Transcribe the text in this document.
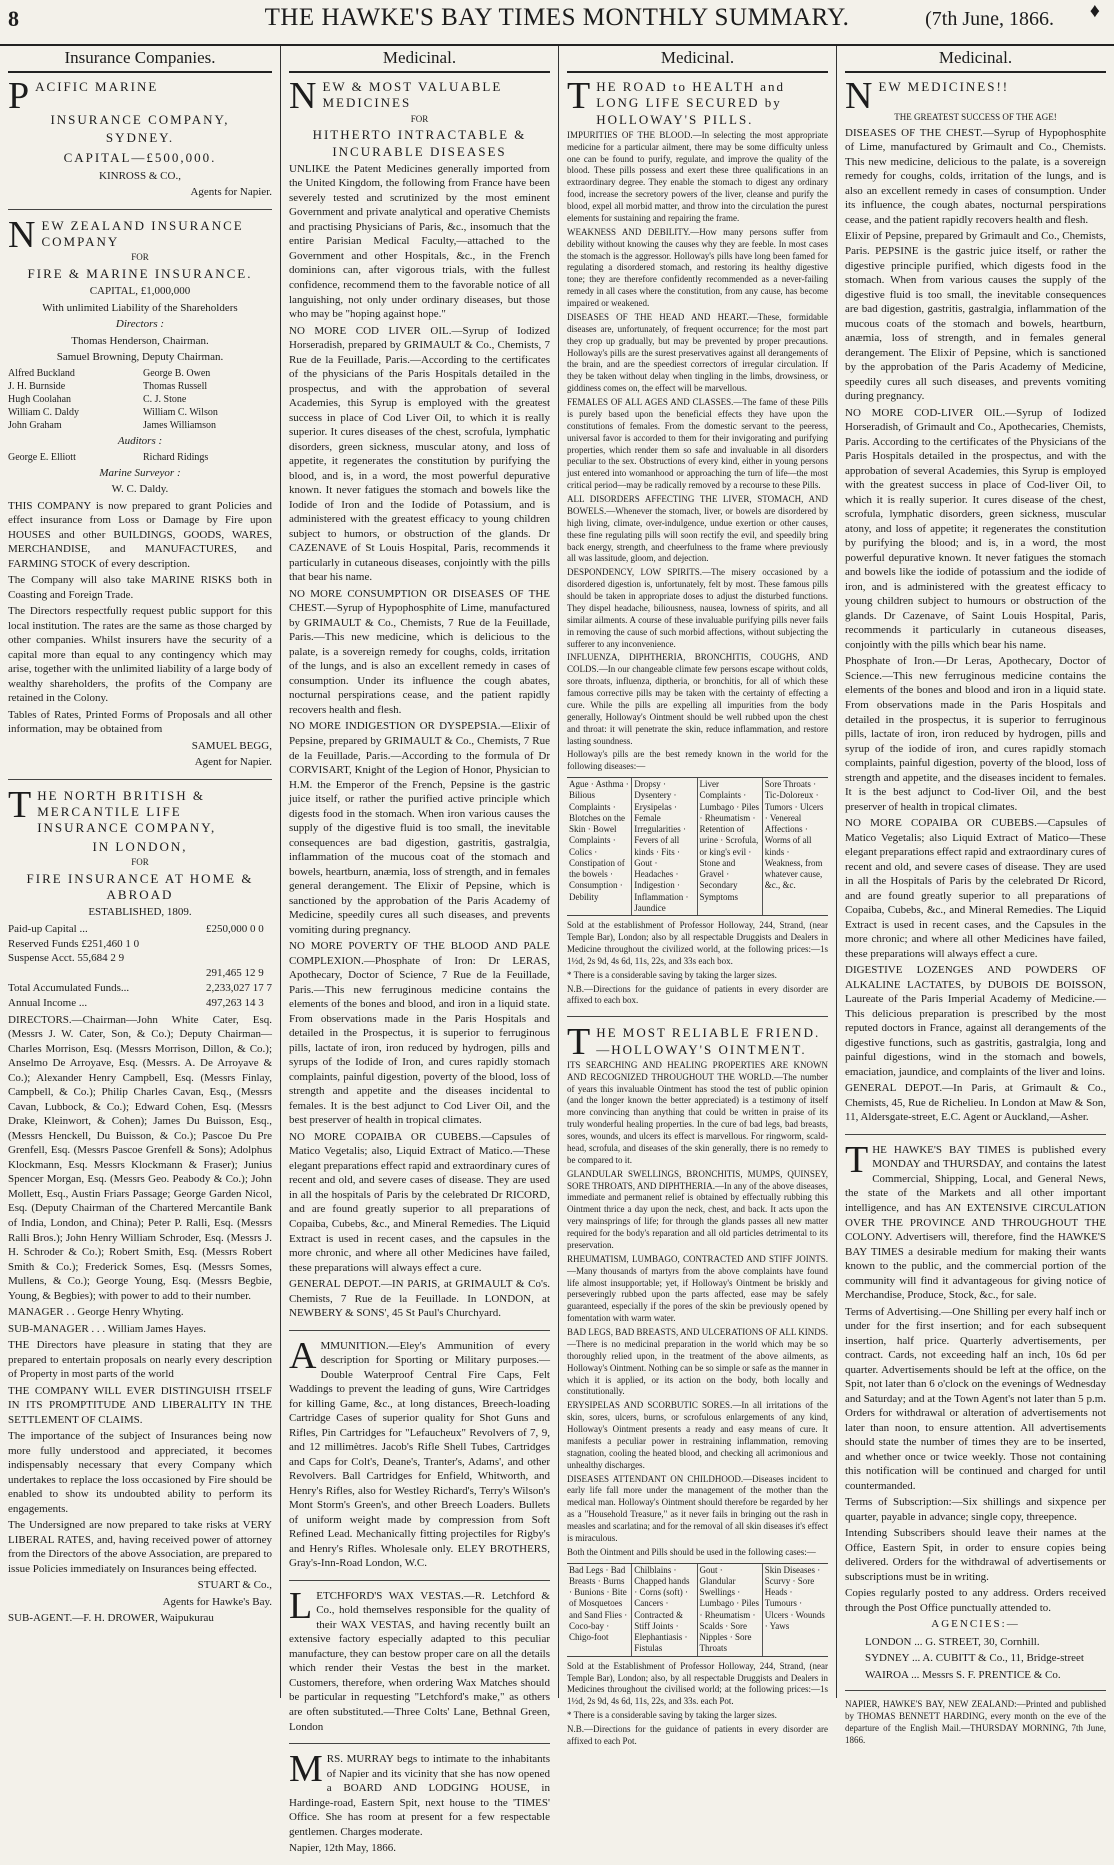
8	THE HAWKE'S BAY TIMES MONTHLY SUMMARY.	(7th June, 1866. ♦
Insurance Companies.
PACIFIC MARINE
INSURANCE COMPANY,
SYDNEY.
CAPITAL—£500,000.

KINROSS & CO.,

Agents for Napier.

NEW ZEALAND INSURANCE COMPANY

FOR

FIRE & MARINE INSURANCE.

CAPITAL, £1,000,000

With unlimited Liability of the Shareholders

Directors :

Thomas Henderson, Chairman.

Samuel Browning, Deputy Chairman.

Alfred Buckland	George B. Owen
J. H. Burnside	Thomas Russell
Hugh Coolahan	C. J. Stone
William C. Daldy	William C. Wilson
John Graham	James Williamson

Auditors :

George E. Elliott	Richard Ridings

Marine Surveyor :

W. C. Daldy.

THIS COMPANY is now prepared to grant Policies and effect insurance from Loss or Damage by Fire upon HOUSES and other BUILDINGS, GOODS, WARES, MERCHANDISE, and MANUFACTURES, and FARMING STOCK of every description.

The Company will also take MARINE RISKS both in Coasting and Foreign Trade.

The Directors respectfully request public support for this local institution. The rates are the same as those charged by other companies. Whilst insurers have the security of a capital more than equal to any contingency which may arise, together with the unlimited liability of a large body of wealthy shareholders, the profits of the Company are retained in the Colony.

Tables of Rates, Printed Forms of Proposals and all other information, may be obtained from

SAMUEL BEGG,

Agent for Napier.

THE NORTH BRITISH & MERCANTILE LIFE INSURANCE COMPANY,
IN LONDON,

FOR

FIRE INSURANCE AT HOME & ABROAD

ESTABLISHED, 1809.

Paid-up Capital ...	£250,000 0 0
Reserved Funds £251,460 1 0
Suspense Acct. 55,684 2 9
291,465 12 9
Total Accumulated Funds...	2,233,027 17 7
Annual Income ...	497,263 14 3

DIRECTORS.—Chairman—John White Cater, Esq. (Messrs J. W. Cater, Son, & Co.); Deputy Chairman—Charles Morrison, Esq. (Messrs Morrison, Dillon, & Co.); Anselmo De Arroyave, Esq. (Messrs. A. De Arroyave & Co.); Alexander Henry Campbell, Esq. (Messrs Finlay, Campbell, & Co.); Philip Charles Cavan, Esq., (Messrs Cavan, Lubbock, & Co.); Edward Cohen, Esq. (Messrs Drake, Kleinwort, & Cohen); James Du Buisson, Esq., (Messrs Henckell, Du Buisson, & Co.); Pascoe Du Pre Grenfell, Esq. (Messrs Pascoe Grenfell & Sons); Adolphus Klockmann, Esq. Messrs Klockmann & Fraser); Junius Spencer Morgan, Esq. (Messrs Geo. Peabody & Co.); John Mollett, Esq., Austin Friars Passage; George Garden Nicol, Esq. (Deputy Chairman of the Chartered Mercantile Bank of India, London, and China); Peter P. Ralli, Esq. (Messrs Ralli Bros.); John Henry William Schroder, Esq. (Messrs J. H. Schroder & Co.); Robert Smith, Esq. (Messrs Robert Smith & Co.); Frederick Somes, Esq. (Messrs Somes, Mullens, & Co.); George Young, Esq. (Messrs Begbie, Young, & Begbies); with power to add to their number.

MANAGER . . George Henry Whyting.

SUB-MANAGER . . . William James Hayes.

THE Directors have pleasure in stating that they are prepared to entertain proposals on nearly every description of Property in most parts of the world

THE COMPANY WILL EVER DISTINGUISH ITSELF IN ITS PROMPTITUDE AND LIBERALITY IN THE SETTLEMENT OF CLAIMS.

The importance of the subject of Insurances being now more fully understood and appreciated, it becomes indispensably necessary that every Company which undertakes to replace the loss occasioned by Fire should be enabled to show its undoubted ability to perform its engagements.

The Undersigned are now prepared to take risks at VERY LIBERAL RATES, and, having received power of attorney from the Directors of the above Association, are prepared to issue Policies immediately on Insurances being effected.

STUART & Co.,

Agents for Hawke's Bay.

SUB-AGENT.—F. H. DROWER, Waipukurau

Medicinal.
NEW & MOST VALUABLE MEDICINES

FOR

HITHERTO INTRACTABLE & INCURABLE DISEASES

UNLIKE the Patent Medicines generally imported from the United Kingdom, the following from France have been severely tested and scrutinized by the most eminent Government and private analytical and operative Chemists and practising Physicians of Paris, &c., insomuch that the entire Parisian Medical Faculty,—attached to the Government and other Hospitals, &c., in the French dominions can, after vigorous trials, with the fullest confidence, recommend them to the favorable notice of all languishing, not only under ordinary diseases, but those who may be "hoping against hope."

NO MORE COD LIVER OIL.—Syrup of Iodized Horseradish, prepared by GRIMAULT & Co., Chemists, 7 Rue de la Feuillade, Paris.—According to the certificates of the physicians of the Paris Hospitals detailed in the prospectus, and with the approbation of several Academies, this Syrup is employed with the greatest success in place of Cod Liver Oil, to which it is really superior. It cures diseases of the chest, scrofula, lymphatic disorders, green sickness, muscular atony, and loss of appetite, it regenerates the constitution by purifying the blood, and is, in a word, the most powerful depurative known. It never fatigues the stomach and bowels like the Iodide of Iron and the Iodide of Potassium, and is administered with the greatest efficacy to young children subject to humors, or obstruction of the glands. Dr CAZENAVE of St Louis Hospital, Paris, recommends it particularly in cutaneous diseases, conjointly with the pills that bear his name.

NO MORE CONSUMPTION OR DISEASES OF THE CHEST.—Syrup of Hypophosphite of Lime, manufactured by GRIMAULT & Co., Chemists, 7 Rue de la Feuillade, Paris.—This new medicine, which is delicious to the palate, is a sovereign remedy for coughs, colds, irritation of the lungs, and is also an excellent remedy in cases of consumption. Under its influence the cough abates, nocturnal perspirations cease, and the patient rapidly recovers health and flesh.

NO MORE INDIGESTION OR DYSPEPSIA.—Elixir of Pepsine, prepared by GRIMAULT & Co., Chemists, 7 Rue de la Feuillade, Paris.—According to the formula of Dr CORVISART, Knight of the Legion of Honor, Physician to H.M. the Emperor of the French, Pepsine is the gastric juice itself, or rather the purified active principle which digests food in the stomach. When iron various causes the supply of the digestive fluid is too small, the inevitable consequences are bad digestion, gastritis, gastralgia, inflammation of the mucous coat of the stomach and bowels, heartburn, anæmia, loss of strength, and in females general derangement. The Elixir of Pepsine, which is sanctioned by the approbation of the Paris Academy of Medicine, speedily cures all such diseases, and prevents vomiting during pregnancy.

NO MORE POVERTY OF THE BLOOD AND PALE COMPLEXION.—Phosphate of Iron: Dr LERAS, Apothecary, Doctor of Science, 7 Rue de la Feuillade, Paris.—This new ferruginous medicine contains the elements of the bones and blood, and iron in a liquid state. From observations made in the Paris Hospitals and detailed in the Prospectus, it is superior to ferruginous pills, lactate of iron, iron reduced by hydrogen, pills and syrups of the Iodide of Iron, and cures rapidly stomach complaints, painful digestion, poverty of the blood, loss of strength and appetite and the diseases incidental to females. It is the best adjunct to Cod Liver Oil, and the best preserver of health in tropical climates.

NO MORE COPAIBA OR CUBEBS.—Capsules of Matico Vegetalis; also, Liquid Extract of Matico.—These elegant preparations effect rapid and extraordinary cures of recent and old, and severe cases of disease. They are used in all the hospitals of Paris by the celebrated Dr RICORD, and are found greatly superior to all preparations of Copaiba, Cubebs, &c., and Mineral Remedies. The Liquid Extract is used in recent cases, and the capsules in the more chronic, and where all other Medicines have failed, these preparations will always effect a cure.

GENERAL DEPOT.—IN PARIS, at GRIMAULT & Co's. Chemists, 7 Rue de la Feuillade. In LONDON, at NEWBERY & SONS', 45 St Paul's Churchyard.

AMMUNITION.—Eley's Ammunition of every description for Sporting or Military purposes.—Double Waterproof Central Fire Caps, Felt Waddings to prevent the leading of guns, Wire Cartridges for killing Game, &c., at long distances, Breech-loading Cartridge Cases of superior quality for Shot Guns and Rifles, Pin Cartridges for "Lefaucheux" Revolvers of 7, 9, and 12 millimètres. Jacob's Rifle Shell Tubes, Cartridges and Caps for Colt's, Deane's, Tranter's, Adams', and other Revolvers. Ball Cartridges for Enfield, Whitworth, and Henry's Rifles, also for Westley Richard's, Terry's Wilson's Mont Storm's Green's, and other Breech Loaders. Bullets of uniform weight made by compression from Soft Refined Lead. Mechanically fitting projectiles for Rigby's and Henry's Rifles. Wholesale only. ELEY BROTHERS, Gray's-Inn-Road London, W.C.

LETCHFORD'S WAX VESTAS.—R. Letchford & Co., hold themselves responsible for the quality of their WAX VESTAS, and having recently built an extensive factory especially adapted to this peculiar manufacture, they can bestow proper care on all the details which render their Vestas the best in the market. Customers, therefore, when ordering Wax Matches should be particular in requesting "Letchford's make," as others are often substituted.—Three Colts' Lane, Bethnal Green, London

MRS. MURRAY begs to intimate to the inhabitants of Napier and its vicinity that she has now opened a BOARD AND LODGING HOUSE, in Hardinge-road, Eastern Spit, next house to the 'TIMES' Office. She has room at present for a few respectable gentlemen. Charges moderate.

Napier, 12th May, 1866.

Medicinal.
THE ROAD to HEALTH and LONG LIFE SECURED by HOLLOWAY'S PILLS.

IMPURITIES OF THE BLOOD.—In selecting the most appropriate medicine for a particular ailment, there may be some difficulty unless one can be found to purify, regulate, and improve the quality of the blood. These pills possess and exert these three qualifications in an extraordinary degree. They enable the stomach to digest any ordinary food, increase the secretory powers of the liver, cleanse and purify the blood, expel all morbid matter, and throw into the circulation the purest elements for sustaining and repairing the frame.

WEAKNESS AND DEBILITY.—How many persons suffer from debility without knowing the causes why they are feeble. In most cases the stomach is the aggressor. Holloway's pills have long been famed for regulating a disordered stomach, and restoring its healthy digestive tone; they are therefore confidently recommended as a never-failing remedy in all cases where the constitution, from any cause, has become impaired or weakened.

DISEASES OF THE HEAD AND HEART.—These, formidable diseases are, unfortunately, of frequent occurrence; for the most part they crop up gradually, but may be prevented by proper precautions. Holloway's pills are the surest preservatives against all derangements of the brain, and are the speediest correctors of irregular circulation. If they be taken without delay when tingling in the limbs, drowsiness, or giddiness comes on, the effect will be marvellous.

FEMALES OF ALL AGES AND CLASSES.—The fame of these Pills is purely based upon the beneficial effects they have upon the constitutions of females. From the domestic servant to the peeress, universal favor is accorded to them for their invigorating and purifying properties, which render them so safe and invaluable in all disorders peculiar to the sex. Obstructions of every kind, either in young persons just entered into womanhood or approaching the turn of life—the most critical period—may be radically removed by a recourse to these Pills.

ALL DISORDERS AFFECTING THE LIVER, STOMACH, AND BOWELS.—Whenever the stomach, liver, or bowels are disordered by high living, climate, over-indulgence, undue exertion or other causes, these fine regulating pills will soon rectify the evil, and speedily bring back energy, strength, and cheerfulness to the frame where previously all was lassitude, gloom, and dejection.

DESPONDENCY, LOW SPIRITS.—The misery occasioned by a disordered digestion is, unfortunately, felt by most. These famous pills should be taken in appropriate doses to adjust the disturbed functions. They dispel headache, biliousness, nausea, lowness of spirits, and all similar ailments. A course of these invaluable purifying pills never fails in removing the cause of such morbid affections, without subjecting the sufferer to any inconvenience.

INFLUENZA, DIPHTHERIA, BRONCHITIS, COUGHS, AND COLDS.—In our changeable climate few persons escape without colds, sore throats, influenza, diptheria, or bronchitis, for all of which these famous corrective pills may be taken with the certainty of effecting a cure. While the pills are expelling all impurities from the body generally, Holloway's Ointment should be well rubbed upon the chest and throat: it will penetrate the skin, reduce inflammation, and restore lasting soundness.

Holloway's pills are the best remedy known in the world for the following diseases:—

Ague · Asthma · Bilious Complaints · Blotches on the Skin · Bowel Complaints · Colics · Constipation of the bowels · Consumption · Debility
Dropsy · Dysentery · Erysipelas · Female Irregularities · Fevers of all kinds · Fits · Gout · Headaches · Indigestion · Inflammation · Jaundice
Liver Complaints · Lumbago · Piles · Rheumatism · Retention of urine · Scrofula, or king's evil · Stone and Gravel · Secondary Symptoms
Sore Throats · Tic-Doloreux · Tumors · Ulcers · Venereal Affections · Worms of all kinds · Weakness, from whatever cause, &c., &c.

Sold at the establishment of Professor Holloway, 244, Strand, (near Temple Bar), London; also by all respectable Druggists and Dealers in Medicine throughout the civilized world, at the following prices:—1s 1½d, 2s 9d, 4s 6d, 11s, 22s, and 33s each box.

* There is a considerable saving by taking the larger sizes.

N.B.—Directions for the guidance of patients in every disorder are affixed to each box.

THE MOST RELIABLE FRIEND.—HOLLOWAY'S OINTMENT.

ITS SEARCHING AND HEALING PROPERTIES ARE KNOWN AND RECOGNIZED THROUGHOUT THE WORLD.—The number of years this invaluable Ointment has stood the test of public opinion (and the longer known the better appreciated) is a testimony of itself more convincing than anything that could be written in praise of its truly wonderful healing properties. In the cure of bad legs, bad breasts, sores, wounds, and ulcers its effect is marvellous. For ringworm, scald-head, scrofula, and diseases of the skin generally, there is no remedy to be compared to it.

GLANDULAR SWELLINGS, BRONCHITIS, MUMPS, QUINSEY, SORE THROATS, AND DIPHTHERIA.—In any of the above diseases, immediate and permanent relief is obtained by effectually rubbing this Ointment thrice a day upon the neck, chest, and back. It acts upon the very mainsprings of life; for through the glands passes all new matter required for the body's reparation and all old particles detrimental to its preservation.

RHEUMATISM, LUMBAGO, CONTRACTED AND STIFF JOINTS.—Many thousands of martyrs from the above complaints have found life almost insupportable; yet, if Holloway's Ointment be briskly and perseveringly rubbed upon the parts affected, ease may be safely guaranteed, especially if the pores of the skin be previously opened by fomentation with warm water.

BAD LEGS, BAD BREASTS, AND ULCERATIONS OF ALL KINDS.—There is no medicinal preparation in the world which may be so thoroughly relied upon, in the treatment of the above ailments, as Holloway's Ointment. Nothing can be so simple or safe as the manner in which it is applied, or its action on the body, both locally and constitutionally.

ERYSIPELAS AND SCORBUTIC SORES.—In all irritations of the skin, sores, ulcers, burns, or scrofulous enlargements of any kind, Holloway's Ointment presents a ready and easy means of cure. It manifests a peculiar power in restraining inflammation, removing stagnation, cooling the heated blood, and checking all acrimonious and unhealthy discharges.

DISEASES ATTENDANT ON CHILDHOOD.—Diseases incident to early life fall more under the management of the mother than the medical man. Holloway's Ointment should therefore be regarded by her as a "Household Treasure," as it never fails in bringing out the rash in measles and scarlatina; and for the removal of all skin diseases it's effect is miraculous.

Both the Ointment and Pills should be used in the following cases:—

Bad Legs · Bad Breasts · Burns · Bunions · Bite of Mosquetoes and Sand Flies · Coco-bay · Chigo-foot
Chilblains · Chapped hands · Corns (soft) · Cancers · Contracted & Stiff Joints · Elephantiasis · Fistulas
Gout · Glandular Swellings · Lumbago · Piles · Rheumatism · Scalds · Sore Nipples · Sore Throats
Skin Diseases · Scurvy · Sore Heads · Tumours · Ulcers · Wounds · Yaws

Sold at the Establishment of Professor Holloway, 244, Strand, (near Temple Bar), London; also, by all respectable Druggists and Dealers in Medicines throughout the civilised world; at the following prices:—1s 1½d, 2s 9d, 4s 6d, 11s, 22s, and 33s. each Pot.

* There is a considerable saving by taking the larger sizes.

N.B.—Directions for the guidance of patients in every disorder are affixed to each Pot.

Medicinal.
NEW MEDICINES!!

THE GREATEST SUCCESS OF THE AGE!

DISEASES OF THE CHEST.—Syrup of Hypophosphite of Lime, manufactured by Grimault and Co., Chemists. This new medicine, delicious to the palate, is a sovereign remedy for coughs, colds, irritation of the lungs, and is also an excellent remedy in cases of consumption. Under its influence, the cough abates, nocturnal perspirations cease, and the patient rapidly recovers health and flesh.

Elixir of Pepsine, prepared by Grimault and Co., Chemists, Paris. PEPSINE is the gastric juice itself, or rather the digestive principle purified, which digests food in the stomach. When from various causes the supply of the digestive fluid is too small, the inevitable consequences are bad digestion, gastritis, gastralgia, inflammation of the mucous coats of the stomach and bowels, heartburn, anæmia, loss of strength, and in females general derangement. The Elixir of Pepsine, which is sanctioned by the approbation of the Paris Academy of Medicine, speedily cures all such diseases, and prevents vomiting during pregnancy.

NO MORE COD-LIVER OIL.—Syrup of Iodized Horseradish, of Grimault and Co., Apothecaries, Chemists, Paris. According to the certificates of the Physicians of the Paris Hospitals detailed in the prospectus, and with the approbation of several Academies, this Syrup is employed with the greatest success in place of Cod-liver Oil, to which it is really superior. It cures disease of the chest, scrofula, lymphatic disorders, green sickness, muscular atony, and loss of appetite; it regenerates the constitution by purifying the blood; and is, in a word, the most powerful depurative known. It never fatigues the stomach and bowels like the iodide of potassium and the iodide of iron, and is administered with the greatest efficacy to young children subject to humours or obstruction of the glands. Dr Cazenave, of Saint Louis Hospital, Paris, recommends it particularly in cutaneous diseases, conjointly with the pills which bear his name.

Phosphate of Iron.—Dr Leras, Apothecary, Doctor of Science.—This new ferruginous medicine contains the elements of the bones and blood and iron in a liquid state. From observations made in the Paris Hospitals and detailed in the prospectus, it is superior to ferruginous pills, lactate of iron, iron reduced by hydrogen, pills and syrup of the iodide of iron, and cures rapidly stomach complaints, painful digestion, poverty of the blood, loss of strength and appetite, and the diseases incident to females. It is the best adjunct to Cod-liver Oil, and the best preserver of health in tropical climates.

NO MORE COPAIBA OR CUBEBS.—Capsules of Matico Vegetalis; also Liquid Extract of Matico—These elegant preparations effect rapid and extraordinary cures of recent and old, and severe cases of disease. They are used in all the Hospitals of Paris by the celebrated Dr Ricord, and are found greatly superior to all preparations of Copaiba, Cubebs, &c., and Mineral Remedies. The Liquid Extract is used in recent cases, and the Capsules in the more chronic; and where all other Medicines have failed, these preparations will always effect a cure.

DIGESTIVE LOZENGES AND POWDERS OF ALKALINE LACTATES, by DUBOIS DE BOISSON, Laureate of the Paris Imperial Academy of Medicine.—This delicious preparation is prescribed by the most reputed doctors in France, against all derangements of the digestive functions, such as gastritis, gastralgia, long and painful digestions, wind in the stomach and bowels, emaciation, jaundice, and complaints of the liver and loins.

GENERAL DEPOT.—In Paris, at Grimault & Co., Chemists, 45, Rue de Richelieu. In London at Maw & Son, 11, Aldersgate-street, E.C. Agent or Auckland,—Asher.

THE HAWKE'S BAY TIMES is published every MONDAY and THURSDAY, and contains the latest Commercial, Shipping, Local, and General News, the state of the Markets and all other important intelligence, and has AN EXTENSIVE CIRCULATION OVER THE PROVINCE AND THROUGHOUT THE COLONY. Advertisers will, therefore, find the HAWKE'S BAY TIMES a desirable medium for making their wants known to the public, and the commercial portion of the community will find it advantageous for giving notice of Merchandise, Produce, Stock, &c., for sale.

Terms of Advertising.—One Shilling per every half inch or under for the first insertion; and for each subsequent insertion, half price. Quarterly advertisements, per contract. Cards, not exceeding half an inch, 10s 6d per quarter. Advertisements should be left at the office, on the Spit, not later than 6 o'clock on the evenings of Wednesday and Saturday; and at the Town Agent's not later than 5 p.m. Orders for withdrawal or alteration of advertisements not later than noon, to ensure attention. All advertisements should state the number of times they are to be inserted, and whether once or twice weekly. Those not containing this notification will be continued and charged for until countermanded.

Terms of Subscription:—Six shillings and sixpence per quarter, payable in advance; single copy, threepence.

Intending Subscribers should leave their names at the Office, Eastern Spit, in order to ensure copies being delivered. Orders for the withdrawal of advertisements or subscriptions must be in writing.

Copies regularly posted to any address. Orders received through the Post Office punctually attended to.

AGENCIES:—

LONDON ... G. STREET, 30, Cornhill.
SYDNEY ... A. CUBITT & Co., 11, Bridge-street
WAIROA ... Messrs S. F. PRENTICE & Co.

NAPIER, HAWKE'S BAY, NEW ZEALAND:—Printed and published by THOMAS BENNETT HARDING, every month on the eve of the departure of the English Mail.—THURSDAY MORNING, 7th June, 1866.
